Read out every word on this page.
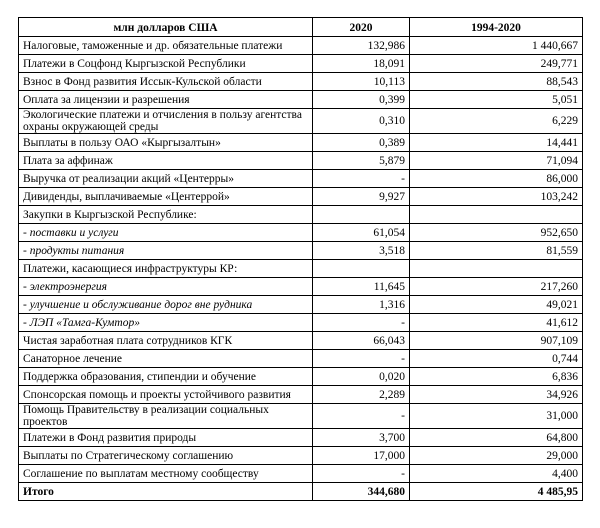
млн долларов США	2020	1994-2020
Налоговые, таможенные и др. обязательные платежи	132,986	1 440,667
Платежи в Соцфонд Кыргызской Республики	18,091	249,771
Взнос в Фонд развития Иссык-Кульской области	10,113	88,543
Оплата за лицензии и разрешения	0,399	5,051
Экологические платежи и отчисления в пользу агентства охраны окружающей среды	0,310	6,229
Выплаты в пользу ОАО «Кыргызалтын»	0,389	14,441
Плата за аффинаж	5,879	71,094
Выручка от реализации акций «Центерры»	-	86,000
Дивиденды, выплачиваемые «Центеррой»	9,927	103,242
Закупки в Кыргызской Республике:		
- поставки и услуги	61,054	952,650
- продукты питания	3,518	81,559
Платежи, касающиеся инфраструктуры КР:		
- электроэнергия	11,645	217,260
- улучшение и обслуживание дорог вне рудника	1,316	49,021
- ЛЭП «Тамга-Кумтор»	-	41,612
Чистая заработная плата сотрудников КГК	66,043	907,109
Санаторное лечение	-	0,744
Поддержка образования, стипендии и обучение	0,020	6,836
Спонсорская помощь и проекты устойчивого развития	2,289	34,926
Помощь Правительству в реализации социальных проектов	-	31,000
Платежи в Фонд развития природы	3,700	64,800
Выплаты по Стратегическому соглашению	17,000	29,000
Соглашение по выплатам местному сообществу	-	4,400
Итого	344,680	4 485,95
